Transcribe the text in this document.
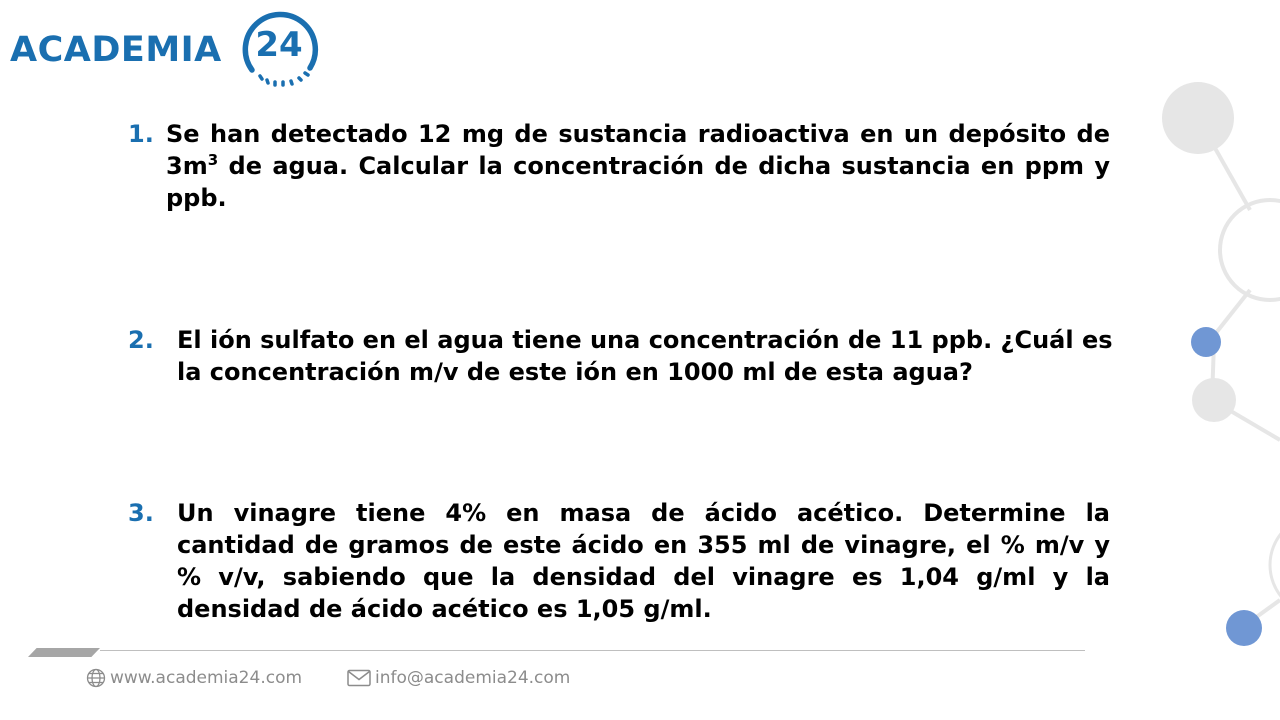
ACADEMIA 24
1. Se han detectado 12 mg de sustancia radioactiva en un depósito de
$3m^3$ de agua. Calcular la concentración de dicha sustancia en ppm y
ppb.
2. El ión sulfato en el agua tiene una concentración de 11 ppb. ¿Cuál es
la concentración m/v de este ión en 1000 ml de esta agua?
3. Un vinagre tiene 4% en masa de ácido acético. Determine la
cantidad de gramos de este ácido en 355 ml de vinagre, el % m/v y
% v/v, sabiendo que la densidad del vinagre es 1,04 g/ml y la
densidad de ácido acético es 1,05 g/ml.
www.academia24.com	info@academia24.com
